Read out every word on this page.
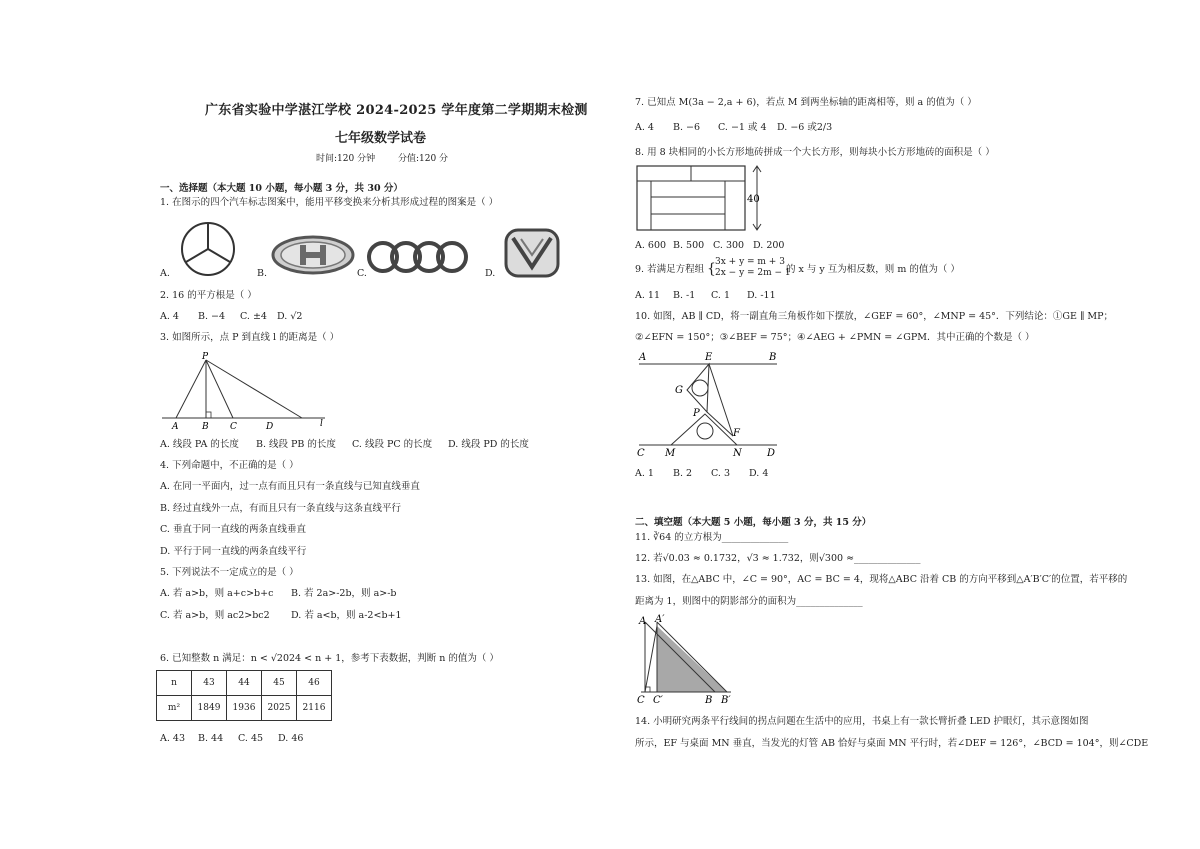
广东省实验中学湛江学校 2024-2025 学年度第二学期期末检测
七年级数学试卷
时间:120 分钟        分值:120 分
一、选择题（本大题 10 小题，每小题 3 分，共 30 分）
1. 在图示的四个汽车标志图案中，能用平移变换来分析其形成过程的图案是（ ）
A.	B.	C.	D.
2. 16 的平方根是（ ）
A. 4 B. −4 C. ±4 D. √2
3. 如图所示，点 P 到直线 l 的距离是（ ）
P
A	B C	D	l
A. 线段 PA 的长度 B. 线段 PB 的长度 C. 线段 PC 的长度 D. 线段 PD 的长度
4. 下列命题中，不正确的是（ ）
A. 在同一平面内，过一点有而且只有一条直线与已知直线垂直
B. 经过直线外一点，有而且只有一条直线与这条直线平行
C. 垂直于同一直线的两条直线垂直
D. 平行于同一直线的两条直线平行
5. 下列说法不一定成立的是（ ）
A. 若 a>b，则 a+c>b+c B. 若 2a>-2b，则 a>-b
C. 若 a>b，则 ac2>bc2 D. 若 a<b，则 a-2<b+1
6. 已知整数 n 满足：n < √2024 < n + 1，参考下表数据，判断 n 的值为（ ）
n	43	44	45	46
m²	1849	1936	2025	2116
A. 43 B. 44 C. 45 D. 46
7. 已知点 M(3a − 2,a + 6)，若点 M 到两坐标轴的距离相等，则 a 的值为（ ）
A. 4 B. −6 C. −1 或 4 D. −6 或2/3
8. 用 8 块相同的小长方形地砖拼成一个大长方形，则每块小长方形地砖的面积是（ ）
40
A. 600 B. 500 C. 300 D. 200
9. 若满足方程组 { 3x + y = m + 3
2x − y = 2m − 1
的 x 与 y 互为相反数，则 m 的值为（ ）
A. 11 B. -1 C. 1 D. -11
10. 如图，AB ∥ CD，将一副直角三角板作如下摆放，∠GEF = 60°，∠MNP = 45°．下列结论：①GE ∥ MP；
②∠EFN = 150°；③∠BEF = 75°；④∠AEG + ∠PMN = ∠GPM．其中正确的个数是（ ）
A	E	B
G
P
F
C M	N	D
A. 1 B. 2 C. 3 D. 4
二、填空题（本大题 5 小题，每小题 3 分，共 15 分）
11. ∛64 的立方根为______________
12. 若√0.03 ≈ 0.1732，√3 ≈ 1.732，则√300 ≈______________
13. 如图，在△ABC 中，∠C = 90°，AC = BC = 4，现将△ABC 沿着 CB 的方向平移到△A′B′C′的位置，若平移的
距离为 1，则图中的阴影部分的面积为______________
A A′
C C′	B B′
14. 小明研究两条平行线间的拐点问题在生活中的应用，书桌上有一款长臂折叠 LED 护眼灯，其示意图如图
所示，EF 与桌面 MN 垂直，当发光的灯管 AB 恰好与桌面 MN 平行时，若∠DEF = 126°，∠BCD = 104°，则∠CDE
